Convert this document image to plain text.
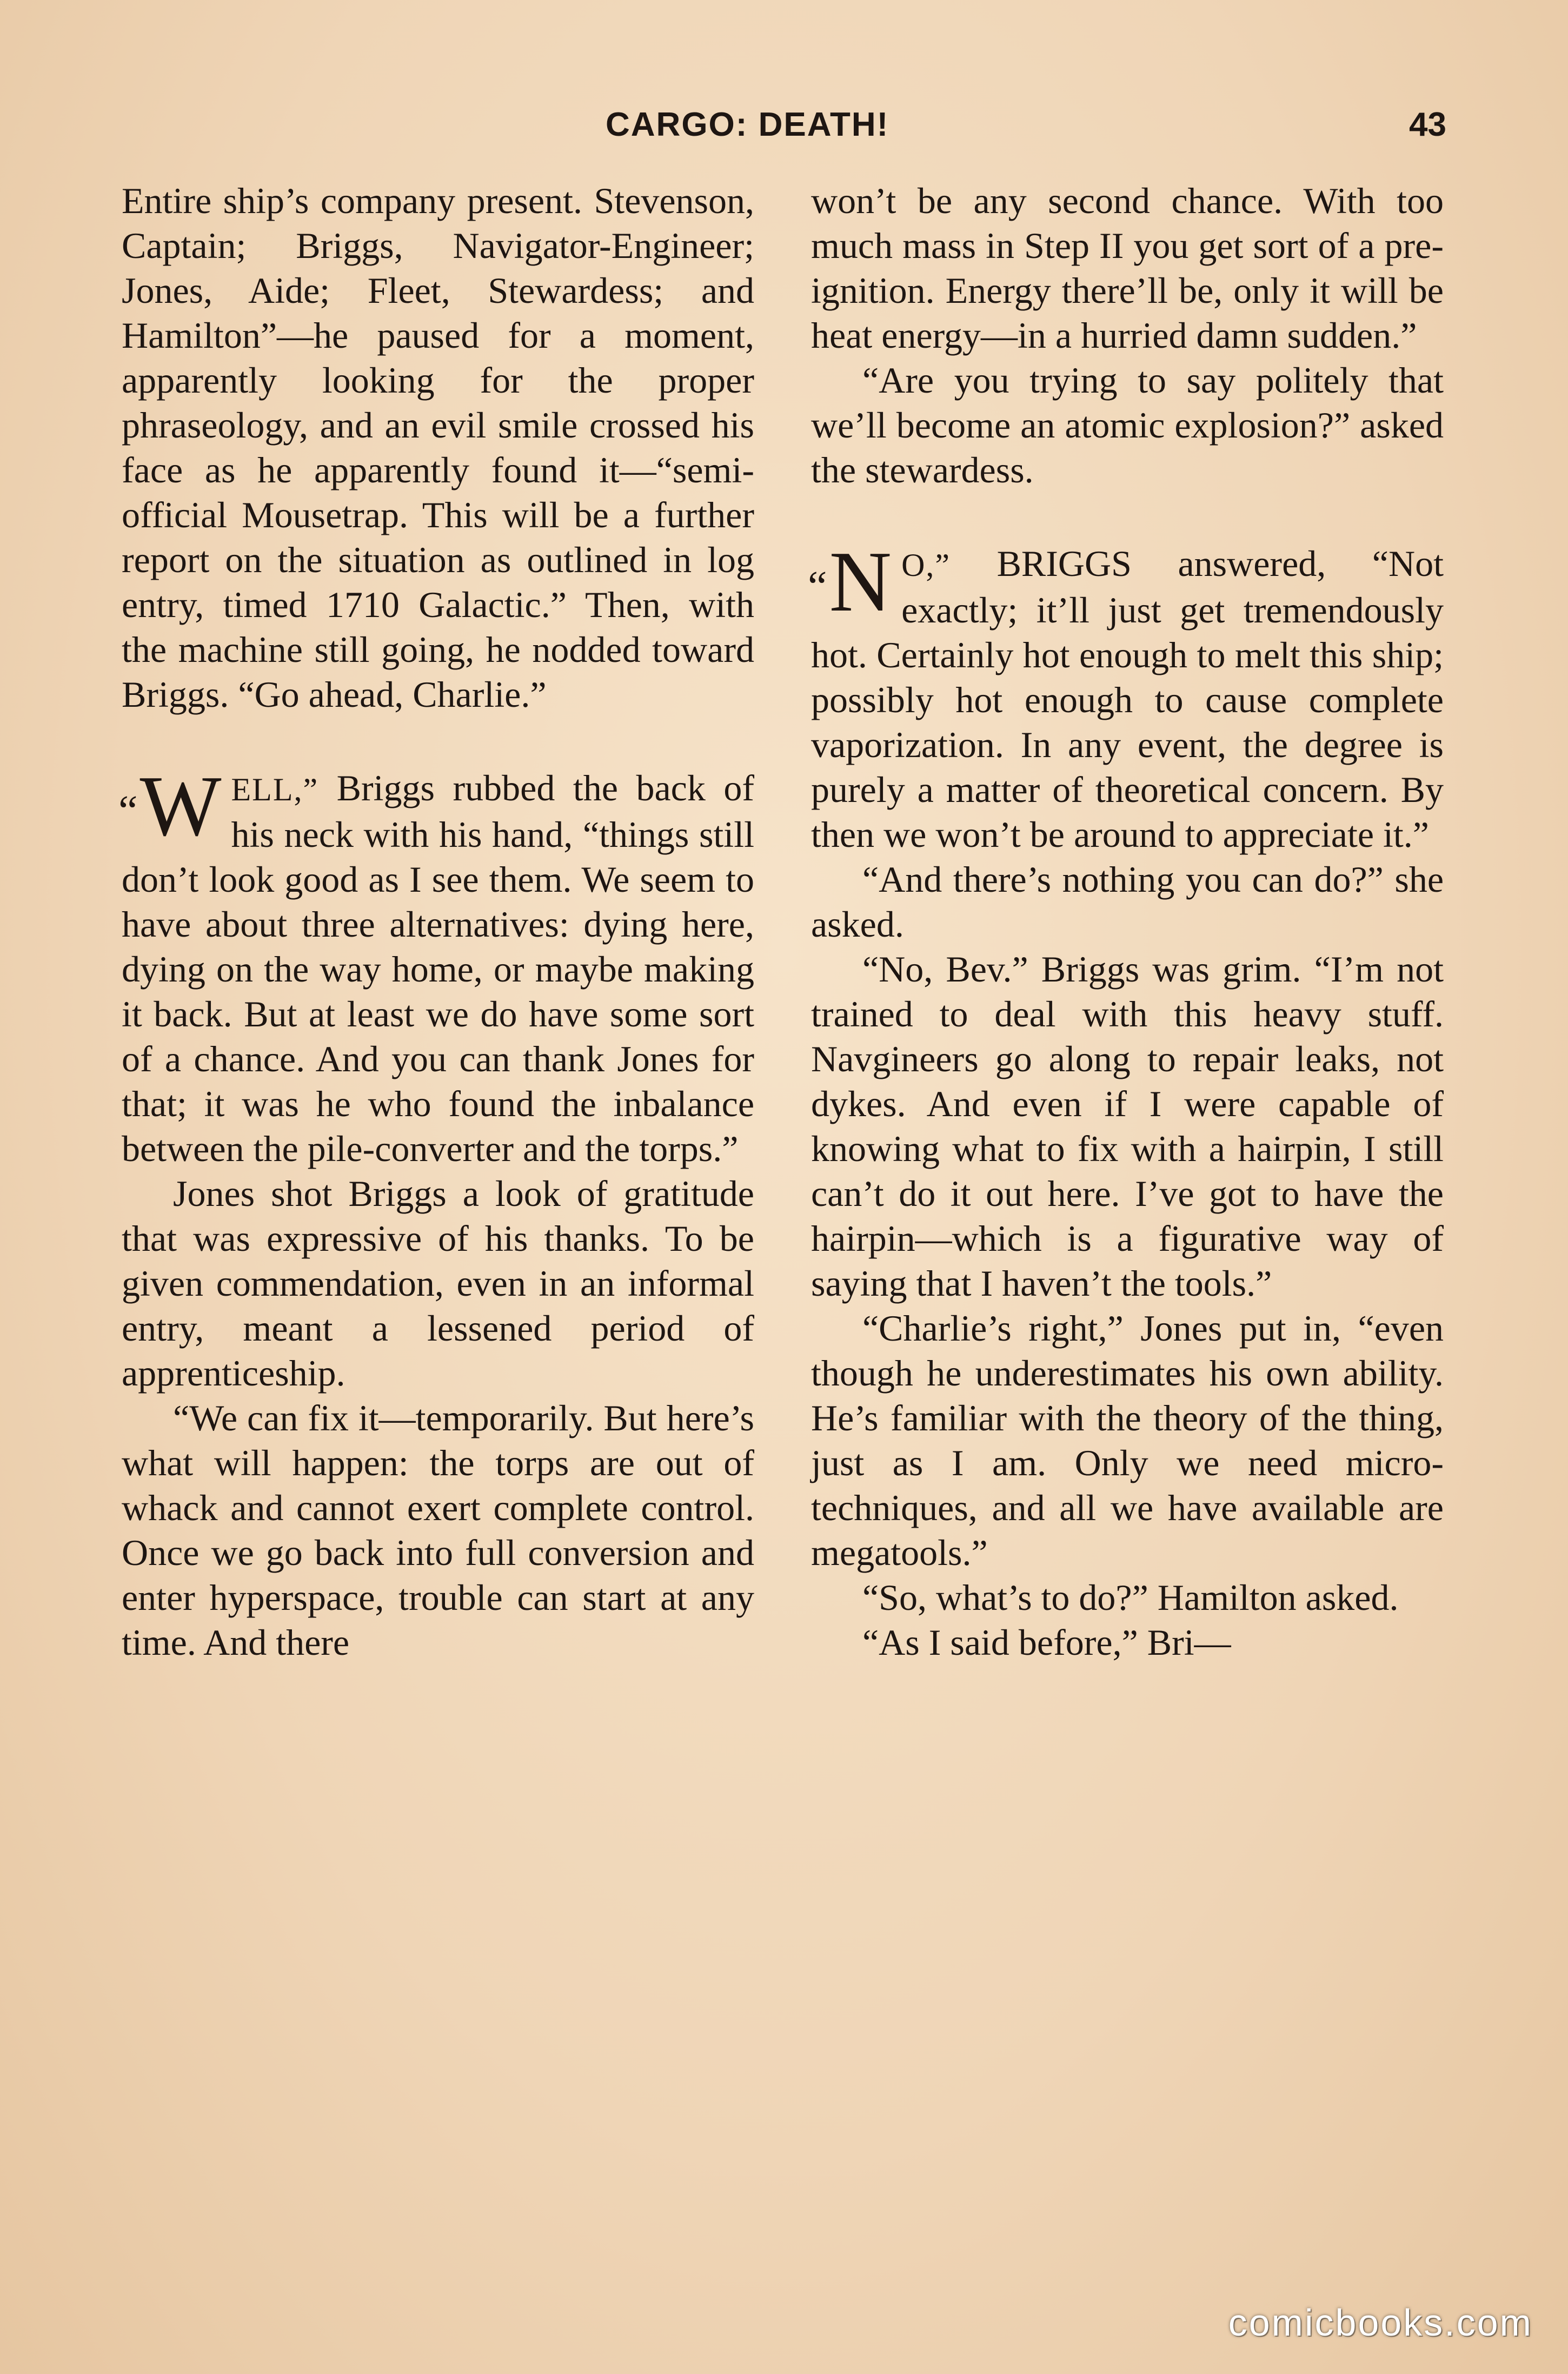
CARGO: DEATH!	43

Entire ship’s company present. Stevenson, Captain; Briggs, Navigator-Engineer; Jones, Aide; Fleet, Stewardess; and Hamilton”—he paused for a moment, apparently looking for the proper phraseology, and an evil smile crossed his face as he apparently found it—“semi-official Mousetrap. This will be a further report on the situation as outlined in log entry, timed 1710 Galactic.” Then, with the machine still going, he nodded toward Briggs. “Go ahead, Charlie.”

“W ELL,” Briggs rubbed the back of his neck with his hand, “things still don’t look good as I see them. We seem to have about three alternatives: dying here, dying on the way home, or maybe making it back. But at least we do have some sort of a chance. And you can thank Jones for that; it was he who found the inbalance between the pile-converter and the torps.”

Jones shot Briggs a look of gratitude that was expressive of his thanks. To be given commendation, even in an informal entry, meant a lessened period of apprenticeship.

“We can fix it—temporarily. But here’s what will happen: the torps are out of whack and cannot exert complete control. Once we go back into full conversion and enter hyperspace, trouble can start at any time. And there

won’t be any second chance. With too much mass in Step II you get sort of a pre-ignition. Energy there’ll be, only it will be heat energy—in a hurried damn sudden.”

“Are you trying to say politely that we’ll become an atomic explosion?” asked the stewardess.

“N O,” BRIGGS answered, “Not exactly; it’ll just get tremendously hot. Certainly hot enough to melt this ship; possibly hot enough to cause complete vaporization. In any event, the degree is purely a matter of theoretical concern. By then we won’t be around to appreciate it.”

“And there’s nothing you can do?” she asked.

“No, Bev.” Briggs was grim. “I’m not trained to deal with this heavy stuff. Navgineers go along to repair leaks, not dykes. And even if I were capable of knowing what to fix with a hairpin, I still can’t do it out here. I’ve got to have the hairpin—which is a figurative way of saying that I haven’t the tools.”

“Charlie’s right,” Jones put in, “even though he underestimates his own ability. He’s familiar with the theory of the thing, just as I am. Only we need micro-techniques, and all we have available are megatools.”

“So, what’s to do?” Hamilton asked.

“As I said before,” Bri—

comicbooks.com
